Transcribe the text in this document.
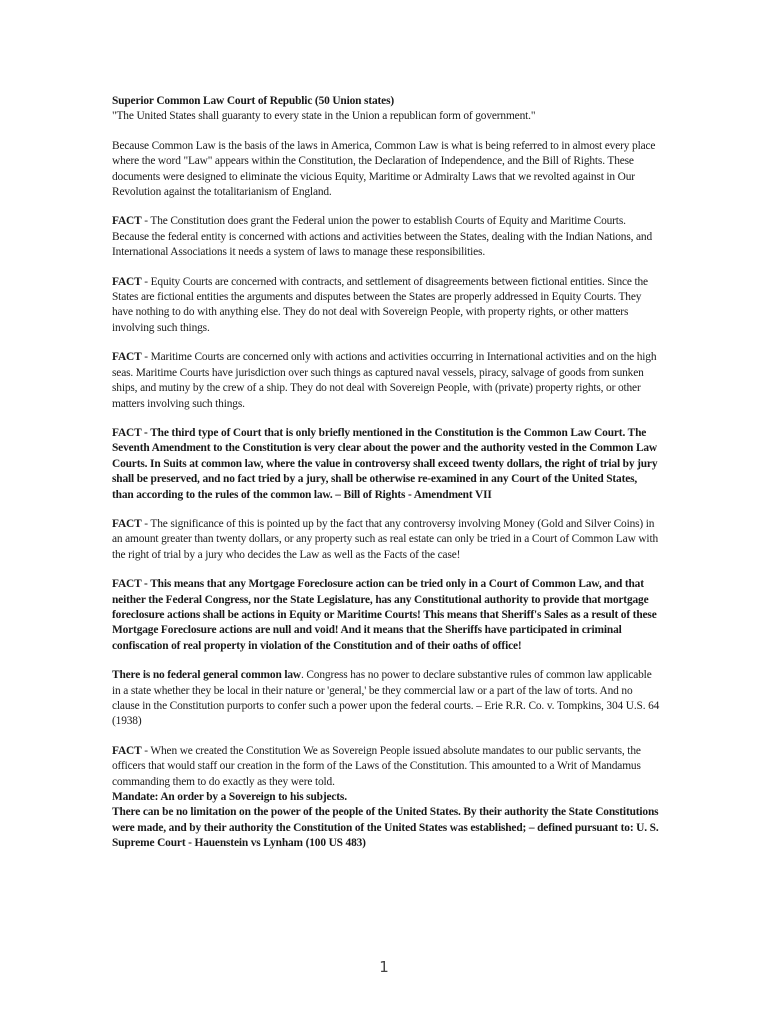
Superior Common Law Court of Republic (50 Union states)

"The United States shall guaranty to every state in the Union a republican form of government."

Because Common Law is the basis of the laws in America, Common Law is what is being referred to in almost every place where the word "Law" appears within the Constitution, the Declaration of Independence, and the Bill of Rights. These documents were designed to eliminate the vicious Equity, Maritime or Admiralty Laws that we revolted against in Our Revolution against the totalitarianism of England.

FACT - The Constitution does grant the Federal union the power to establish Courts of Equity and Maritime Courts. Because the federal entity is concerned with actions and activities between the States, dealing with the Indian Nations, and International Associations it needs a system of laws to manage these responsibilities.

FACT - Equity Courts are concerned with contracts, and settlement of disagreements between fictional entities. Since the States are fictional entities the arguments and disputes between the States are properly addressed in Equity Courts. They have nothing to do with anything else. They do not deal with Sovereign People, with property rights, or other matters involving such things.

FACT - Maritime Courts are concerned only with actions and activities occurring in International activities and on the high seas. Maritime Courts have jurisdiction over such things as captured naval vessels, piracy, salvage of goods from sunken ships, and mutiny by the crew of a ship. They do not deal with Sovereign People, with (private) property rights, or other matters involving such things.

FACT - The third type of Court that is only briefly mentioned in the Constitution is the Common Law Court. The Seventh Amendment to the Constitution is very clear about the power and the authority vested in the Common Law Courts. In Suits at common law, where the value in controversy shall exceed twenty dollars, the right of trial by jury shall be preserved, and no fact tried by a jury, shall be otherwise re-examined in any Court of the United States, than according to the rules of the common law. – Bill of Rights - Amendment VII

FACT - The significance of this is pointed up by the fact that any controversy involving Money (Gold and Silver Coins) in an amount greater than twenty dollars, or any property such as real estate can only be tried in a Court of Common Law with the right of trial by a jury who decides the Law as well as the Facts of the case!

FACT - This means that any Mortgage Foreclosure action can be tried only in a Court of Common Law, and that neither the Federal Congress, nor the State Legislature, has any Constitutional authority to provide that mortgage foreclosure actions shall be actions in Equity or Maritime Courts! This means that Sheriff's Sales as a result of these Mortgage Foreclosure actions are null and void! And it means that the Sheriffs have participated in criminal confiscation of real property in violation of the Constitution and of their oaths of office!

There is no federal general common law. Congress has no power to declare substantive rules of common law applicable in a state whether they be local in their nature or 'general,' be they commercial law or a part of the law of torts. And no clause in the Constitution purports to confer such a power upon the federal courts. – Erie R.R. Co. v. Tompkins, 304 U.S. 64 (1938)

FACT - When we created the Constitution We as Sovereign People issued absolute mandates to our public servants, the officers that would staff our creation in the form of the Laws of the Constitution. This amounted to a Writ of Mandamus commanding them to do exactly as they were told.

Mandate: An order by a Sovereign to his subjects.

There can be no limitation on the power of the people of the United States. By their authority the State Constitutions were made, and by their authority the Constitution of the United States was established; – defined pursuant to: U. S. Supreme Court - Hauenstein vs Lynham (100 US 483)

1
